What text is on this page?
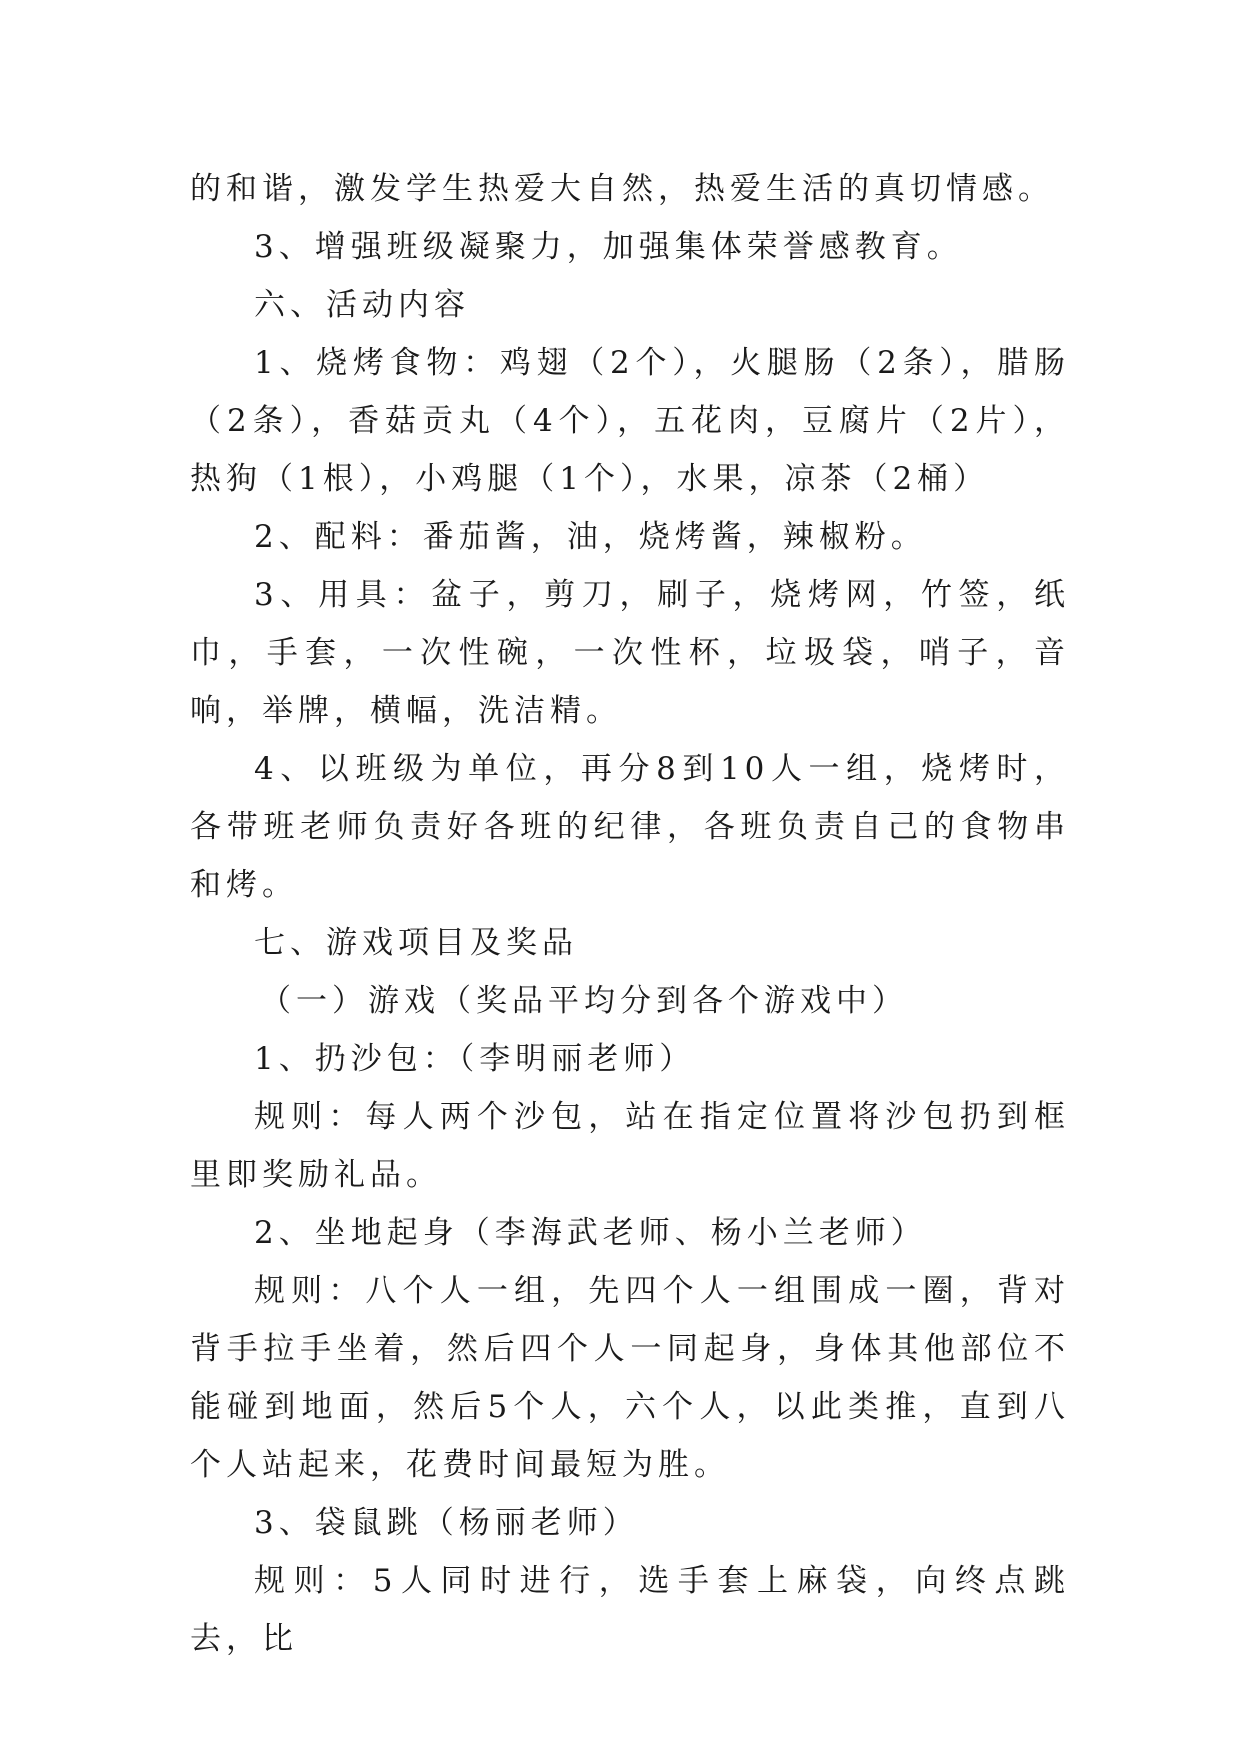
的和谐，激发学生热爱大自然，热爱生活的真切情感。

3、增强班级凝聚力，加强集体荣誉感教育。

六、活动内容

1、烧烤食物：鸡翅（2个），火腿肠（2条），腊肠（2条），香菇贡丸（4个），五花肉，豆腐片（2片），热狗（1根），小鸡腿（1个），水果，凉茶（2桶）

2、配料：番茄酱，油，烧烤酱，辣椒粉。

3、用具：盆子，剪刀，刷子，烧烤网，竹签，纸巾，手套，一次性碗，一次性杯，垃圾袋，哨子，音响，举牌，横幅，洗洁精。

4、以班级为单位，再分8到10人一组，烧烤时，各带班老师负责好各班的纪律，各班负责自己的食物串和烤。

七、游戏项目及奖品

（一）游戏（奖品平均分到各个游戏中）

1、扔沙包：（李明丽老师）

规则：每人两个沙包，站在指定位置将沙包扔到框里即奖励礼品。

2、坐地起身（李海武老师、杨小兰老师）

规则：八个人一组，先四个人一组围成一圈，背对背手拉手坐着，然后四个人一同起身，身体其他部位不能碰到地面，然后5个人，六个人，以此类推，直到八个人站起来，花费时间最短为胜。

3、袋鼠跳（杨丽老师）

规则：5人同时进行，选手套上麻袋，向终点跳去，比
